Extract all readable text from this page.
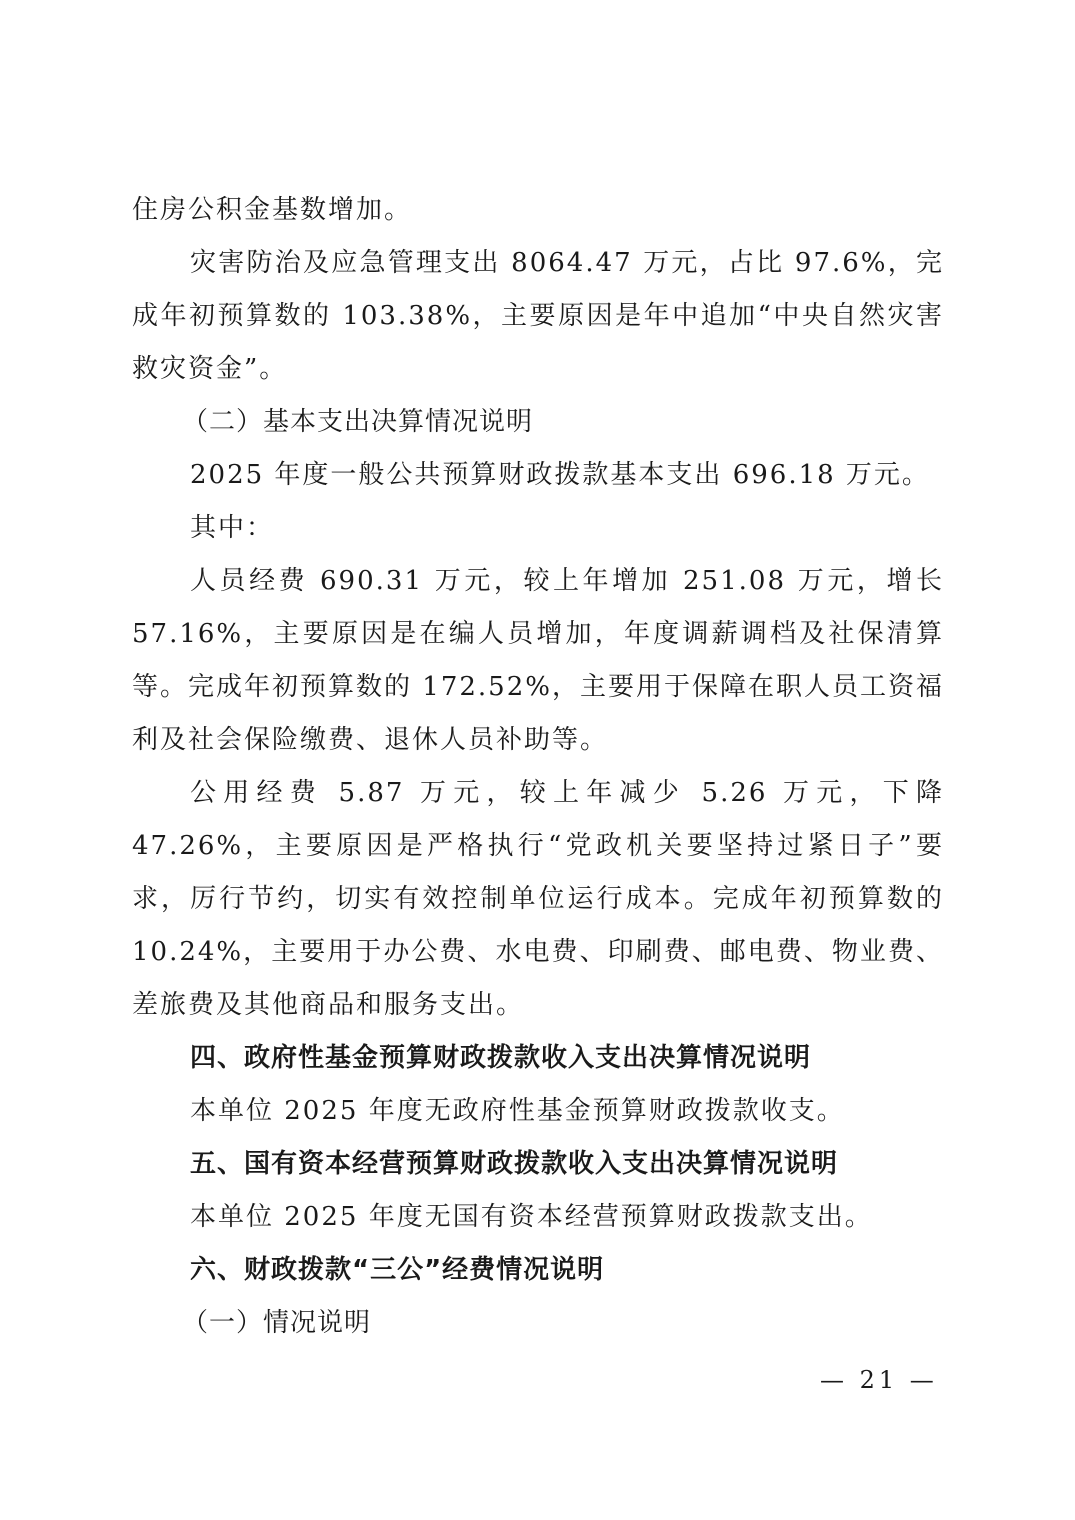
住房公积金基数增加。

灾害防治及应急管理支出 8064.47 万元，占比 97.6%，完成年初预算数的 103.38%，主要原因是年中追加“中央自然灾害救灾资金”。

（二）基本支出决算情况说明

2025 年度一般公共预算财政拨款基本支出 696.18 万元。

其中：

人员经费 690.31 万元，较上年增加 251.08 万元，增长 57.16%，主要原因是在编人员增加，年度调薪调档及社保清算等。完成年初预算数的 172.52%，主要用于保障在职人员工资福利及社会保险缴费、退休人员补助等。

公用经费 5.87 万元，较上年减少 5.26 万元，下降 47.26%，主要原因是严格执行“党政机关要坚持过紧日子”要求，厉行节约，切实有效控制单位运行成本。完成年初预算数的 10.24%，主要用于办公费、水电费、印刷费、邮电费、物业费、差旅费及其他商品和服务支出。

四、政府性基金预算财政拨款收入支出决算情况说明

本单位 2025 年度无政府性基金预算财政拨款收支。

五、国有资本经营预算财政拨款收入支出决算情况说明

本单位 2025 年度无国有资本经营预算财政拨款支出。

六、财政拨款“三公”经费情况说明

（一）情况说明

— 21 —
